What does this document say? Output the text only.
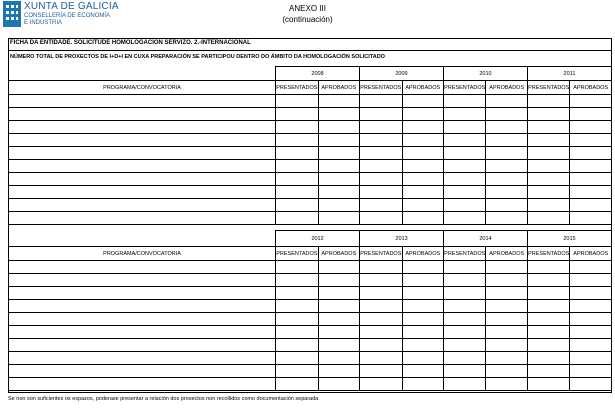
XUNTA DE GALICIA
CONSELLERÍA DE ECONOMÍA
E INDUSTRIA
ANEXO III
(continuación)
FICHA DA ENTIDADE. SOLICITUDE HOMOLOGACIÓN SERVIZO. 2.-INTERNACIONAL
NÚMERO TOTAL DE PROXECTOS DE I+D+I EN CUXA PREPARACIÓN SE PARTICIPOU DENTRO DO ÁMBITO DA HOMOLOGACIÓN SOLICITADO
	2008		2009		2010		2011	
PROGRAMA/CONVOCATORIA	PRESENTADOS	APROBADOS	PRESENTADOS	APROBADOS	PRESENTADOS	APROBADOS	PRESENTADOS	APROBADOS

	2012		2013		2014		2015	
PROGRAMA/CONVOCATORIA	PRESENTADOS	APROBADOS	PRESENTADOS	APROBADOS	PRESENTADOS	APROBADOS	PRESENTADOS	APROBADOS

Se non son suficientes os espazos, poderase presentar a relación dos proxectos non recollidos como documentación separada
